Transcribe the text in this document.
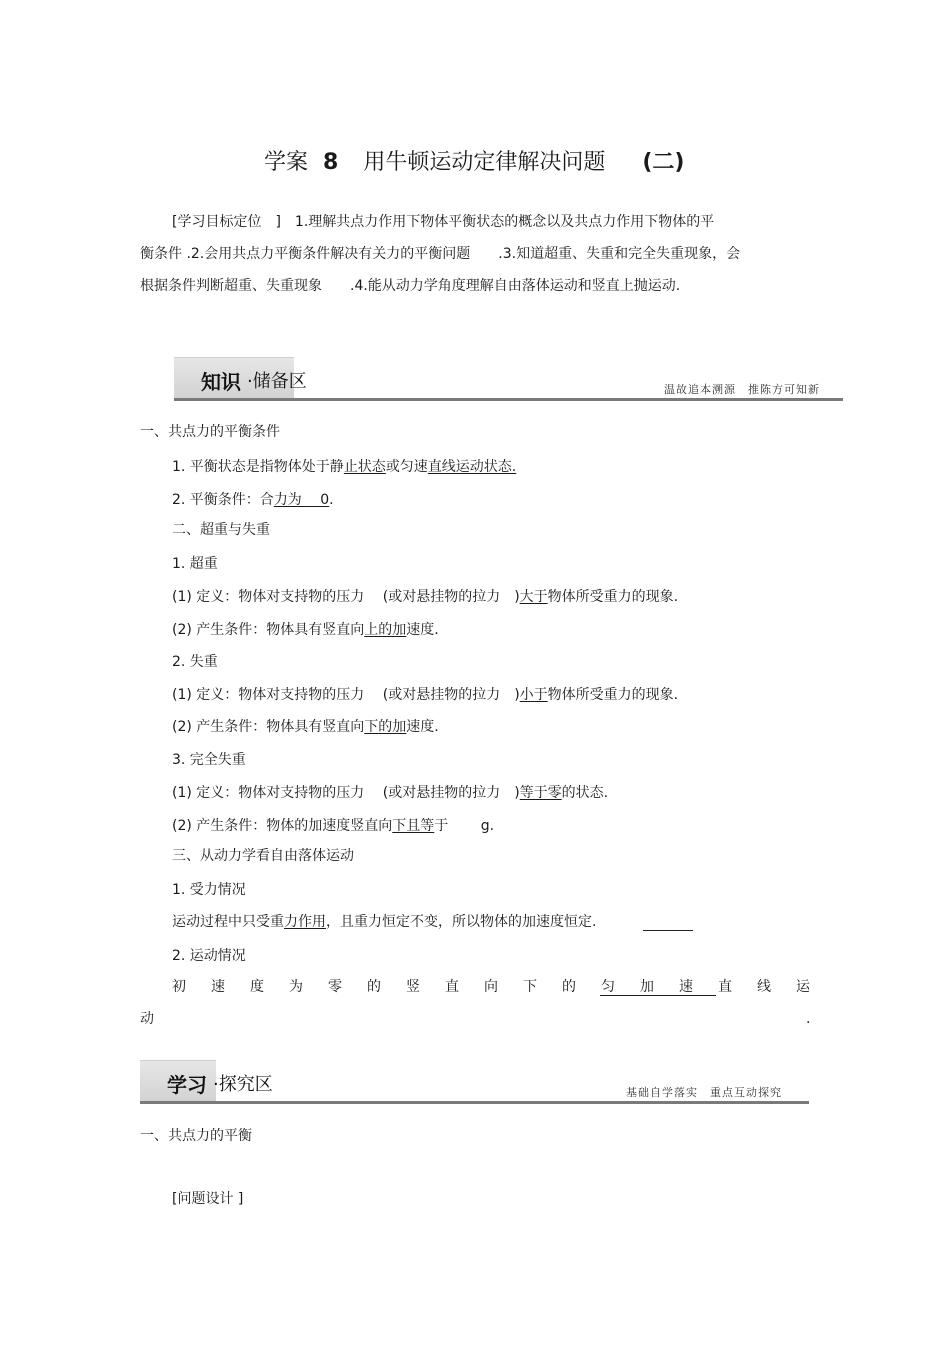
学案 8 用牛顿运动定律解决问题 (二)
[学习目标定位　]　1.理解共点力作用下物体平衡状态的概念以及共点力作用下物体的平
衡条件 .2.会用共点力平衡条件解决有关力的平衡问题　　.3.知道超重、失重和完全失重现象，会
根据条件判断超重、失重现象　　.4.能从动力学角度理解自由落体运动和竖直上抛运动.
知识 ·储备区	温故追本溯源　推陈方可知新
一、共点力的平衡条件
1. 平衡状态是指物体处于静止状态或匀速直线运动状态.
2. 平衡条件：合力为　 0.
二、超重与失重
1. 超重
(1) 定义：物体对支持物的压力　 (或对悬挂物的拉力　)大于物体所受重力的现象.
(2) 产生条件：物体具有竖直向上的加速度.
2. 失重
(1) 定义：物体对支持物的压力　 (或对悬挂物的拉力　)小于物体所受重力的现象.
(2) 产生条件：物体具有竖直向下的加速度.
3. 完全失重
(1) 定义：物体对支持物的压力　 (或对悬挂物的拉力　)等于零的状态.
(2) 产生条件：物体的加速度竖直向下且等于　　 g.
三、从动力学看自由落体运动
1. 受力情况
运动过程中只受重力作用，且重力恒定不变，所以物体的加速度恒定.
2. 运动情况
初 速 度 为 零 的 竖 直 向 下 的 匀 加 速 直 线 运
动	.
学习 ·探究区	基础自学落实　重点互动探究
一、共点力的平衡
[问题设计 ]
